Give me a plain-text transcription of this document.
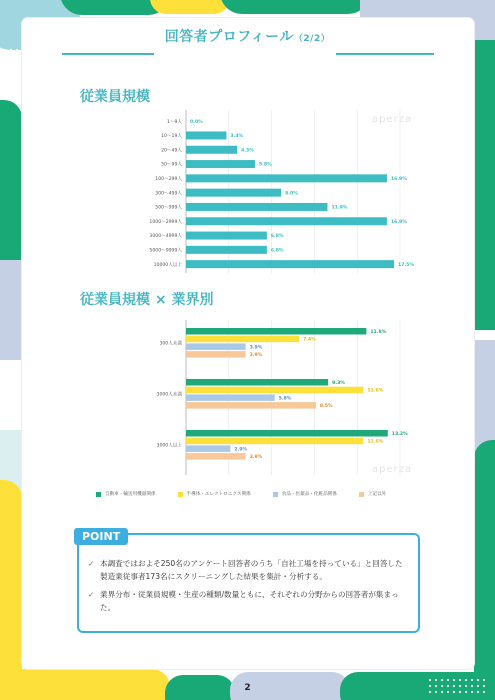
回答者プロフィール（2/2）
従業員規模
1〜9人 0.0%
10〜19人	3.4%
20〜49人	4.3%
50〜99人	5.8%
100〜299人	16.9%
300〜499人	8.0%
500〜999人	11.9%
1000〜2999人	16.9%
3000〜4999人	6.8%
5000〜9999人	6.8%
10000人以上	17.5%
aperza
従業員規模 × 業界別
300人未満
11.8%
7.4%
3.9%
3.9%
3000人未満
9.3%
11.6%
5.8%
8.5%
3000人以上
13.2%
11.6%
2.9%
3.9%
aperza
自動車・輸送用機器関係	半導体・エレクトロニクス関係	食品・医薬品・化粧品関係	上記以外
POINT
✓ 本調査ではおよそ250名のアンケート回答者のうち「自社工場を持っている」と回答した製造業従事者173名にスクリーニングした結果を集計・分析する。
✓ 業界分布・従業員規模・生産の種類/数量ともに、それぞれの分野からの回答者が集まった。
2
